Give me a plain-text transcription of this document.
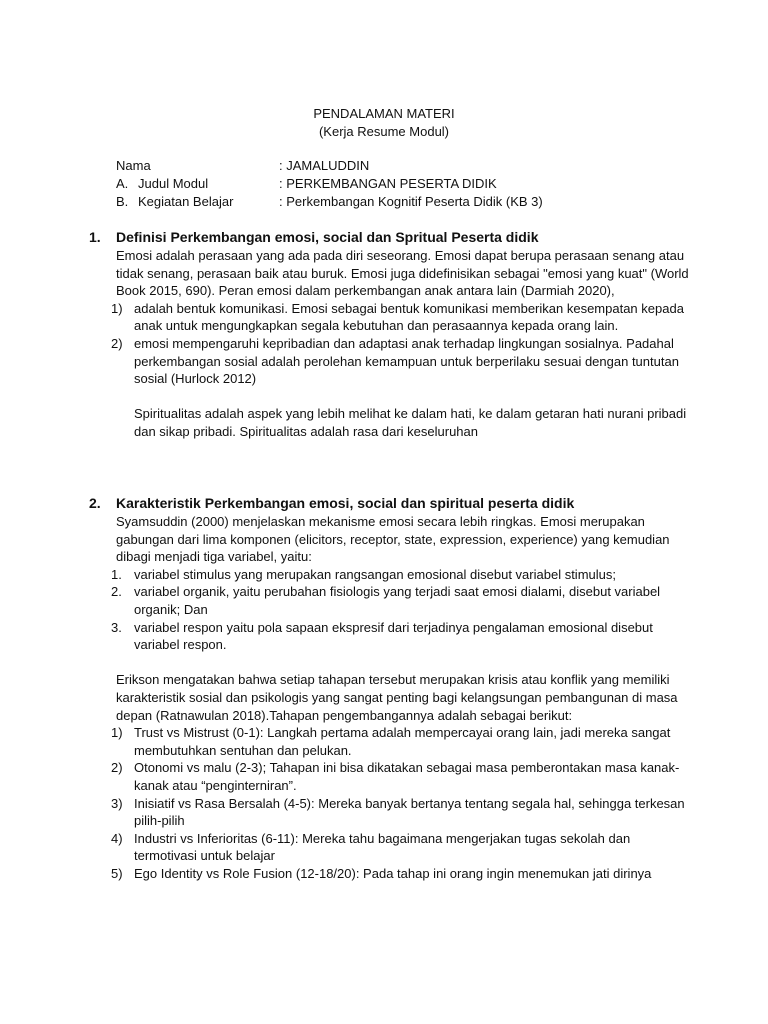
PENDALAMAN MATERI
(Kerja Resume Modul)
Nama	: JAMALUDDIN
A. Judul Modul	: PERKEMBANGAN PESERTA DIDIK
B. Kegiatan Belajar	: Perkembangan Kognitif Peserta Didik (KB 3)
1. Definisi Perkembangan emosi, social dan Spritual Peserta didik
Emosi adalah perasaan yang ada pada diri seseorang. Emosi dapat berupa perasaan senang atau tidak senang, perasaan baik atau buruk. Emosi juga didefinisikan sebagai "emosi yang kuat" (World Book 2015, 690). Peran emosi dalam perkembangan anak antara lain (Darmiah 2020),
1) adalah bentuk komunikasi. Emosi sebagai bentuk komunikasi memberikan kesempatan kepada anak untuk mengungkapkan segala kebutuhan dan perasaannya kepada orang lain.
2) emosi mempengaruhi kepribadian dan adaptasi anak terhadap lingkungan sosialnya. Padahal perkembangan sosial adalah perolehan kemampuan untuk berperilaku sesuai dengan tuntutan sosial (Hurlock 2012)
Spiritualitas adalah aspek yang lebih melihat ke dalam hati, ke dalam getaran hati nurani pribadi dan sikap pribadi. Spiritualitas adalah rasa dari keseluruhan
2. Karakteristik Perkembangan emosi, social dan spiritual peserta didik
Syamsuddin (2000) menjelaskan mekanisme emosi secara lebih ringkas. Emosi merupakan gabungan dari lima komponen (elicitors, receptor, state, expression, experience) yang kemudian dibagi menjadi tiga variabel, yaitu:
1. variabel stimulus yang merupakan rangsangan emosional disebut variabel stimulus;
2. variabel organik, yaitu perubahan fisiologis yang terjadi saat emosi dialami, disebut variabel organik; Dan
3. variabel respon yaitu pola sapaan ekspresif dari terjadinya pengalaman emosional disebut variabel respon.
Erikson mengatakan bahwa setiap tahapan tersebut merupakan krisis atau konflik yang memiliki karakteristik sosial dan psikologis yang sangat penting bagi kelangsungan pembangunan di masa depan (Ratnawulan 2018).Tahapan pengembangannya adalah sebagai berikut:
1) Trust vs Mistrust (0-1): Langkah pertama adalah mempercayai orang lain, jadi mereka sangat membutuhkan sentuhan dan pelukan.
2) Otonomi vs malu (2-3); Tahapan ini bisa dikatakan sebagai masa pemberontakan masa kanak-kanak atau “penginterniran”.
3) Inisiatif vs Rasa Bersalah (4-5): Mereka banyak bertanya tentang segala hal, sehingga terkesan pilih-pilih
4) Industri vs Inferioritas (6-11): Mereka tahu bagaimana mengerjakan tugas sekolah dan termotivasi untuk belajar
5) Ego Identity vs Role Fusion (12-18/20): Pada tahap ini orang ingin menemukan jati dirinya
